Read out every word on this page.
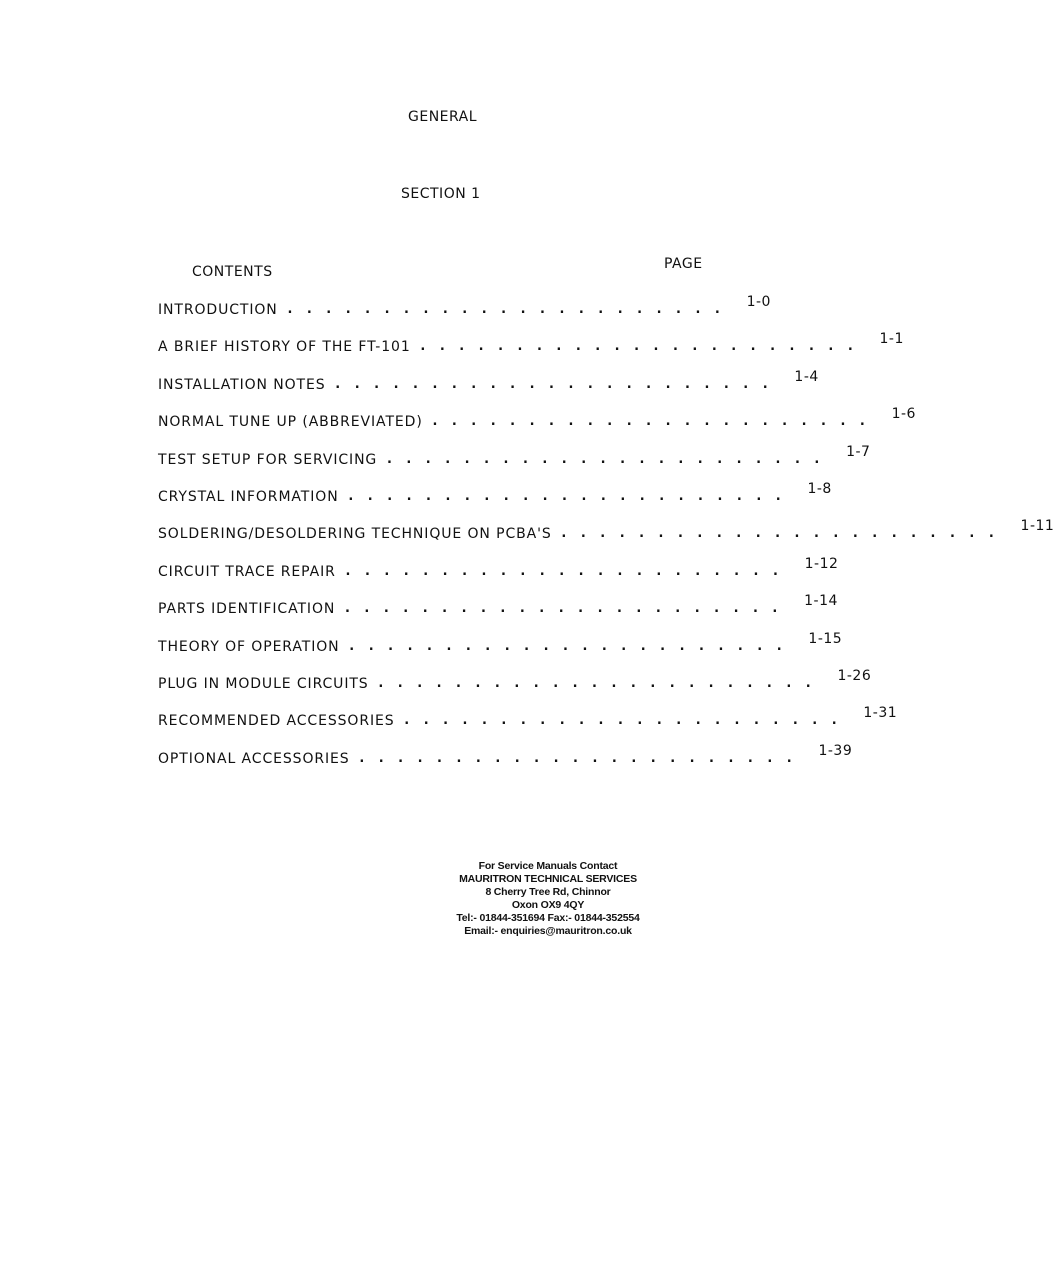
GENERAL
SECTION 1
CONTENTS	PAGE
INTRODUCTION ....................... 1-0
A BRIEF HISTORY OF THE FT-101 ....................... 1-1
INSTALLATION NOTES ....................... 1-4
NORMAL TUNE UP (ABBREVIATED) ....................... 1-6
TEST SETUP FOR SERVICING ....................... 1-7
CRYSTAL INFORMATION ....................... 1-8
SOLDERING/DESOLDERING TECHNIQUE ON PCBA'S ....................... 1-11
CIRCUIT TRACE REPAIR ....................... 1-12
PARTS IDENTIFICATION ....................... 1-14
THEORY OF OPERATION ....................... 1-15
PLUG IN MODULE CIRCUITS ....................... 1-26
RECOMMENDED ACCESSORIES ....................... 1-31
OPTIONAL ACCESSORIES ....................... 1-39
For Service Manuals Contact
MAURITRON TECHNICAL SERVICES
8 Cherry Tree Rd, Chinnor
Oxon OX9 4QY
Tel:- 01844-351694 Fax:- 01844-352554
Email:- enquiries@mauritron.co.uk
